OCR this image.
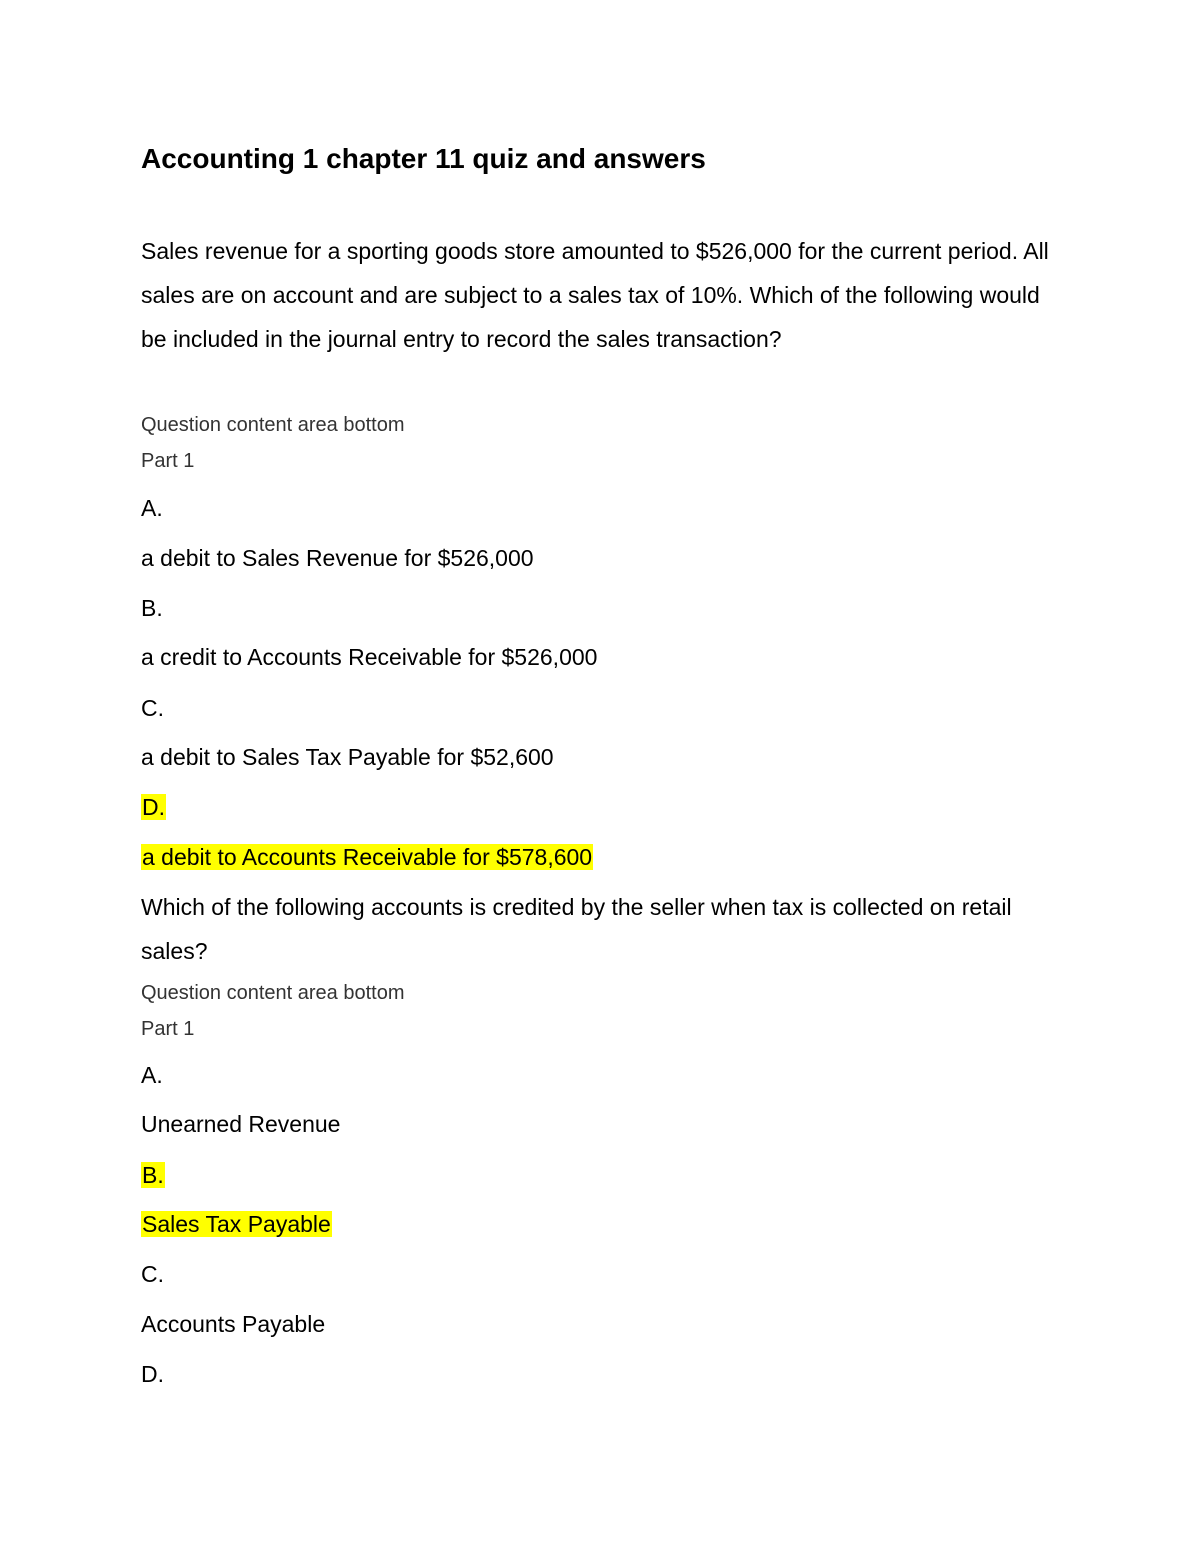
Accounting 1 chapter 11 quiz and answers

Sales revenue for a sporting goods store amounted to $526,000 for the current period. All sales are on account and are subject to a sales tax of 10%. Which of the following would be included in the journal entry to record the sales transaction?

Question content area bottom

Part 1

A.

a debit to Sales Revenue for $526,000

B.

a credit to Accounts Receivable for $526,000

C.

a debit to Sales Tax Payable for $52,600

D.

a debit to Accounts Receivable for $578,600

Which of the following accounts is credited by the seller when tax is collected on retail sales?

Question content area bottom

Part 1

A.

Unearned Revenue

B.

Sales Tax Payable

C.

Accounts Payable

D.
